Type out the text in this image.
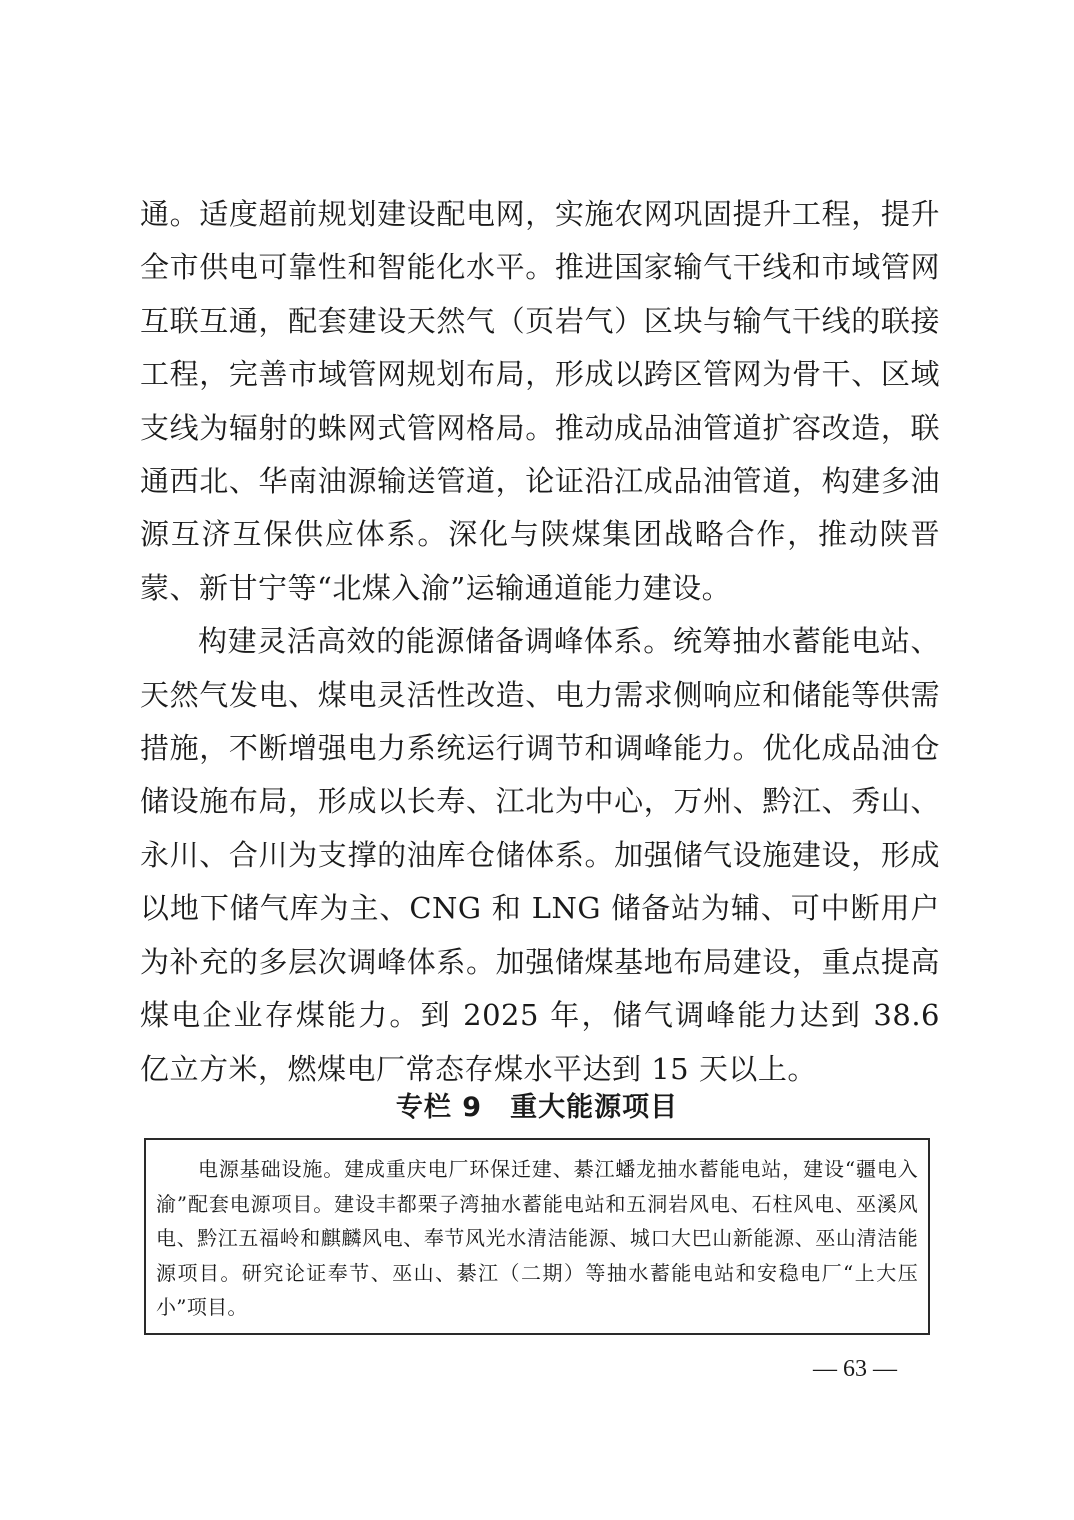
通。适度超前规划建设配电网，实施农网巩固提升工程，提升全市供电可靠性和智能化水平。推进国家输气干线和市域管网互联互通，配套建设天然气（页岩气）区块与输气干线的联接工程，完善市域管网规划布局，形成以跨区管网为骨干、区域支线为辐射的蛛网式管网格局。推动成品油管道扩容改造，联通西北、华南油源输送管道，论证沿江成品油管道，构建多油源互济互保供应体系。深化与陕煤集团战略合作，推动陕晋蒙、新甘宁等“北煤入渝”运输通道能力建设。

构建灵活高效的能源储备调峰体系。统筹抽水蓄能电站、天然气发电、煤电灵活性改造、电力需求侧响应和储能等供需措施，不断增强电力系统运行调节和调峰能力。优化成品油仓储设施布局，形成以长寿、江北为中心，万州、黔江、秀山、永川、合川为支撑的油库仓储体系。加强储气设施建设，形成以地下储气库为主、CNG 和 LNG 储备站为辅、可中断用户为补充的多层次调峰体系。加强储煤基地布局建设，重点提高煤电企业存煤能力。到 2025 年，储气调峰能力达到 38.6 亿立方米，燃煤电厂常态存煤水平达到 15 天以上。

专栏 9　重大能源项目

电源基础设施。建成重庆电厂环保迁建、綦江蟠龙抽水蓄能电站，建设“疆电入渝”配套电源项目。建设丰都栗子湾抽水蓄能电站和五洞岩风电、石柱风电、巫溪风电、黔江五福岭和麒麟风电、奉节风光水清洁能源、城口大巴山新能源、巫山清洁能源项目。研究论证奉节、巫山、綦江（二期）等抽水蓄能电站和安稳电厂“上大压小”项目。

— 63 —
